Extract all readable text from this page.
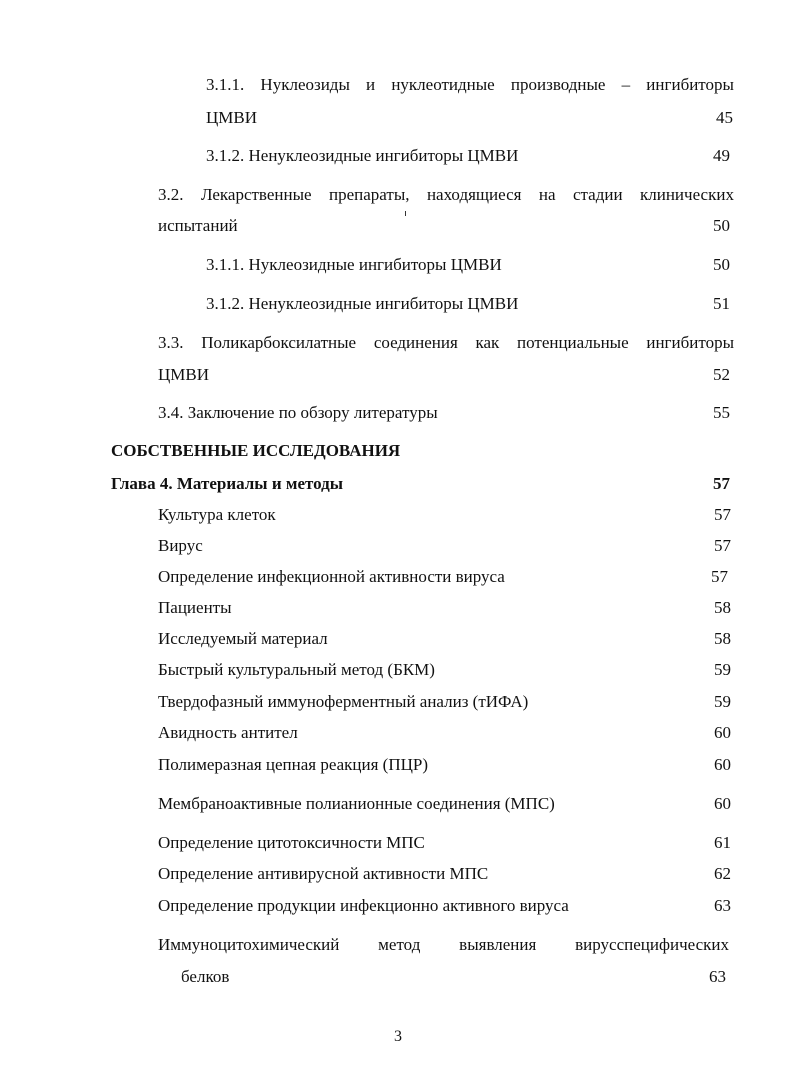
3.1.1. Нуклеозиды и нуклеотидные производные – ингибиторы
ЦМВИ	45
3.1.2. Ненуклеозидные ингибиторы ЦМВИ	49
3.2. Лекарственные препараты, находящиеся на стадии клинических
испытаний	50
3.1.1. Нуклеозидные ингибиторы ЦМВИ	50
3.1.2. Ненуклеозидные ингибиторы ЦМВИ	51
3.3. Поликарбоксилатные соединения как потенциальные ингибиторы
ЦМВИ	52
3.4. Заключение по обзору литературы	55
СОБСТВЕННЫЕ ИССЛЕДОВАНИЯ
Глава 4. Материалы и методы	57
Культура клеток	57
Вирус	57
Определение инфекционной активности вируса	57
Пациенты	58
Исследуемый материал	58
Быстрый культуральный метод (БКМ)	59
Твердофазный иммуноферментный анализ (тИФА)	59
Авидность антител	60
Полимеразная цепная реакция (ПЦР)	60
Мембраноактивные полианионные соединения (МПС)	60
Определение цитотоксичности МПС	61
Определение антивирусной активности МПС	62
Определение продукции инфекционно активного вируса	63
Иммуноцитохимический метод выявления вирусспецифических
белков	63
3
